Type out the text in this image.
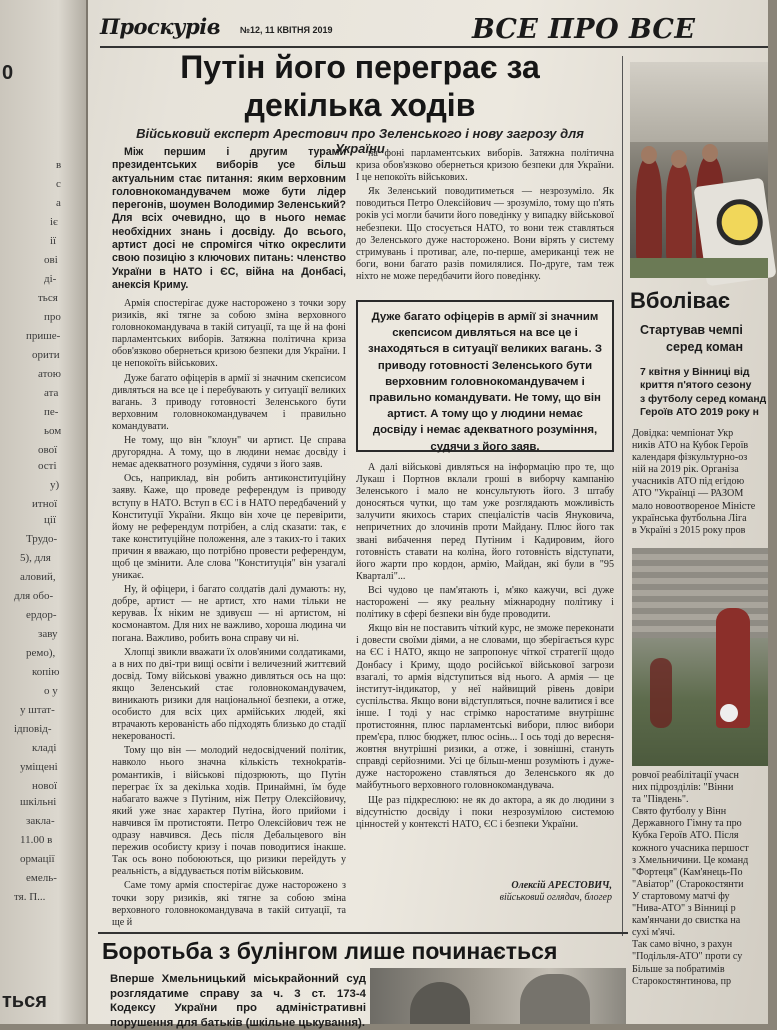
0
ться
в
с
а
іє
ії
ові
ді-
ться
про
прише-
орити
атою
ата
пе-
ьом
ової
ості
у)
итної
ції
Трудо-
5), для
аловий,
для обо-
ердор-
заву
ремо),
копію
о у
у штат-
ідповід-
кладі
уміщені
нової
шкільні
закла-
11.00 в
ормації
емель-
тя. П...
Проскурів №12, 11 КВІТНЯ 2019	ВСЕ ПРО ВСЕ
Путін його перегрaє за декілька ходів
Військовий експерт Арестович про Зеленського і нову загрозу для України

Між першим і другим турами президентських виборів усе більш актуальним стає питання: яким верховним головнокомандувачем може бути лідер перегонів, шоумен Володимир Зеленський? Для всіх очевидно, що в нього немає необхідних знань і досвіду. До всього, артист досі не спромігся чітко окреслити свою позицію з ключових питань: членство України в НАТО і ЄС, війна на Донбасі, анексія Криму.

Армія спостерігає дуже насторожено з точки зору ризиків, які тягне за собою зміна верховного головнокомандувача в такій ситуації, та ще й на фоні парламентських виборів. Затяжна політична криза обов'язково обернеться кризою безпеки для України. І це непокоїть військових.

Дуже багато офіцерів в армії зі значним скепсисом дивляться на все це і перебувають у ситуації великих вагань. З приводу готовності Зеленського бути верховним головнокомандувачем і правильно командувати.

Не тому, що він "клоун" чи артист. Це справа другорядна. А тому, що в людини немає досвіду і немає адекватного розуміння, судячи з його заяв.

Ось, наприклад, він робить антиконституційну заяву. Каже, що проведе референдум із приводу вступу в НАТО. Вступ в ЄС і в НАТО передбачений у Конституції України. Якщо він хоче це перевірити, йому не референдум потрібен, а слід сказати: так, є таке конституційне положення, але з таких-то і таких причин я вважаю, що потрібно провести референдум, щоб це змінити. Але слова "Конституція" він узагалі уникає.

Ну, й офіцери, і багато солдатів далі думають: ну, добре, артист — не артист, хто нами тільки не керував. Їх ніким не здивуєш — ні артистом, ні космонавтом. Для них не важливо, хороша людина чи погана. Важливо, робить вона справу чи ні.

Хлопці звикли вважати їх олов'яними солдатиками, а в них по дві-три вищі освіти і величезний життєвий досвід. Тому військові уважно дивляться ось на що: якщо Зеленський стає головнокомандувачем, виникають ризики для національної безпеки, а отже, особисто для всіх цих армійських людей, які втрачають керованість або підходять близько до стадії некерованості.

Тому що він — молодий недосвідчений політик, навколо нього значна кількість техноkратів-романтиків, і військові підозрюють, що Путін перегрaє їх за декілька ходів. Принаймні, їм буде набагато важче з Путіним, ніж Петру Олексійовичу, який уже знає характер Путіна, його прийоми і навчився їм протистояти. Петро Олексійович теж не одразу навчився. Десь після Дебальцевого він пережив особисту кризу і почав поводитися інакше. Так ось воно побоюються, що ризики перейдуть у реальність, а віддувається потім військовим.

Саме тому армія спостерігає дуже насторожено з точки зору ризиків, які тягне за собою зміна верховного головнокомандувача в такій ситуації, та ще й

на фоні парламентських виборів. Затяжна політична криза обов'язково обернеться кризою безпеки для України. І це непокоїть військових.

Як Зеленський поводитиметься — незрозуміло. Як поводиться Петро Олексійович — зрозуміло, тому що п'ять років усі могли бачити його поведінку у випадку військової небезпеки. Що стосується НАТО, то вони теж ставляться до Зеленського дуже настороженo. Вони вірять у систему стримувань і противаг, але, по-перше, американці теж не боги, вони багато разів помилялися. По-друге, там теж ніхто не може передбачити його поведінку.

Дуже багато офіцерів в армії зі значним скепсисом дивляться на все це і знаходяться в ситуації великих вагань. З приводу готовності Зеленського бути верховним головнокомандувачем і правильно командувати. Не тому, що він артист. А тому що у людини немає досвіду і немає адекватного розуміння, судячи з його заяв.

А далі військові дивляться на інформацію про те, що Лукаш і Портнов вклали гроші в виборчу кампанію Зеленського і мало не консультують його. З штабу доносяться чутки, що там уже розглядають можливість залучити якихось старих спеціалістів часів Януковича, непричетних до злочинів проти Майдану. Плюс його так звані вибачення перед Путіним і Кадировим, його готовність ставати на коліна, його готовність відступати, його жарти про кордон, армію, Майдан, які були в "95 Кварталі"...

Всі чудово це пам'ятають і, м'яко кажучи, всі дуже насторожені — яку реальну міжнародну політику і політику в сфері безпеки він буде проводити.

Якщо він не поставить чіткий курс, не зможе переконати і довести своїми діями, а не словами, що зберігається курс на ЄС і НАТО, якщо не запропонує чіткої стратегії щодо Донбасу і Криму, щодо російської військової загрози взагалі, то армія відступиться від нього. А армія — це інститут-індикатор, у неї найвищий рівень довіри суспільства. Якщо вони відступляться, почне валитися і все інше. І тоді у нас стрімко наростатиме внутрішнє протистояння, плюс парламентські вибори, плюс вибори прем'єра, плюс бюджет, плюс осінь... І ось тоді до вересня-жовтня внутрішні ризики, а отже, і зовнішні, стануть справді серйозними. Усі це більш-менш розуміють і дуже-дуже насторожено ставляться до Зеленського як до майбутнього верховного головнокомандувача.

Ще раз підкреслюю: не як до актора, а як до людини з відсутністю досвіду і поки незрозумілою системою цінностей у контексті НАТО, ЄС і безпеки України.

Олексій АРЕСТОВИЧ,
військовий оглядач, блогер
Вболіває
Стартував чемпі
серед коман
7 квітня у Вінниці від
криття п'ятого сезону
з футболу серед команд
Героїв АТО 2019 року н
Довідка: чемпіонат Укр
ників АТО на Кубок Героїв
календаря фізкультурно-оз
ній на 2019 рік. Організа
учасників АТО під егідою
АТО "Українці — РАЗОМ
мало новоотвореное Міністе
українська футбольна Ліга
в Україні з 2015 року пров
ровчої реабілітації учасн
них підрозділів: "Вінни
та "Південь".
Свято футболу у Вінн
Державного Гімну та про
Кубка Героїв АТО. Після
кожного учасника першост
з Хмельничини. Це команд
"Фортеця" (Кам'янець-По
"Авіатор" (Старокостянти
У стартовому матчі фу
"Нива-АТО" з Вінниці р
кам'янчани до свистка на
сухі м'ячі.
Так само вiчно, з рахун
"Подільля-АТО" проти су
Більше за побратимів
Старокостянтинова, пр
Боротьба з булінгом лише починається
Вперше Хмельницький міськрайонний суд розглядатиме справу за ч. 3 ст. 173-4 Кодексу України про адміністративні порушення для батьків (шкільне цькування).
